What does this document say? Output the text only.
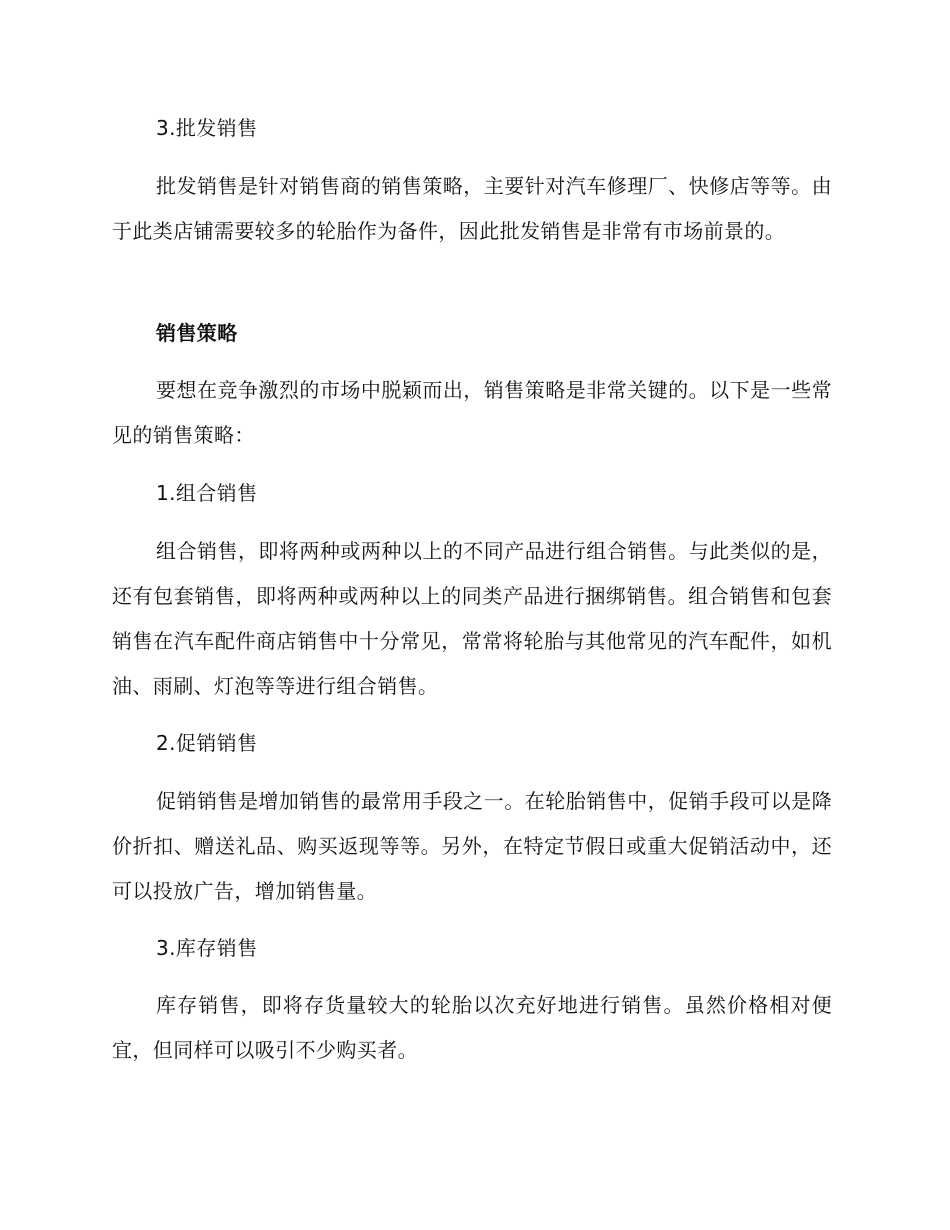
3.批发销售

批发销售是针对销售商的销售策略，主要针对汽车修理厂、快修店等等。由于此类店铺需要较多的轮胎作为备件，因此批发销售是非常有市场前景的。

销售策略

要想在竞争激烈的市场中脱颖而出，销售策略是非常关键的。以下是一些常见的销售策略：

1.组合销售

组合销售，即将两种或两种以上的不同产品进行组合销售。与此类似的是，还有包套销售，即将两种或两种以上的同类产品进行捆绑销售。组合销售和包套销售在汽车配件商店销售中十分常见，常常将轮胎与其他常见的汽车配件，如机油、雨刷、灯泡等等进行组合销售。

2.促销销售

促销销售是增加销售的最常用手段之一。在轮胎销售中，促销手段可以是降价折扣、赠送礼品、购买返现等等。另外，在特定节假日或重大促销活动中，还可以投放广告，增加销售量。

3.库存销售

库存销售，即将存货量较大的轮胎以次充好地进行销售。虽然价格相对便宜，但同样可以吸引不少购买者。
